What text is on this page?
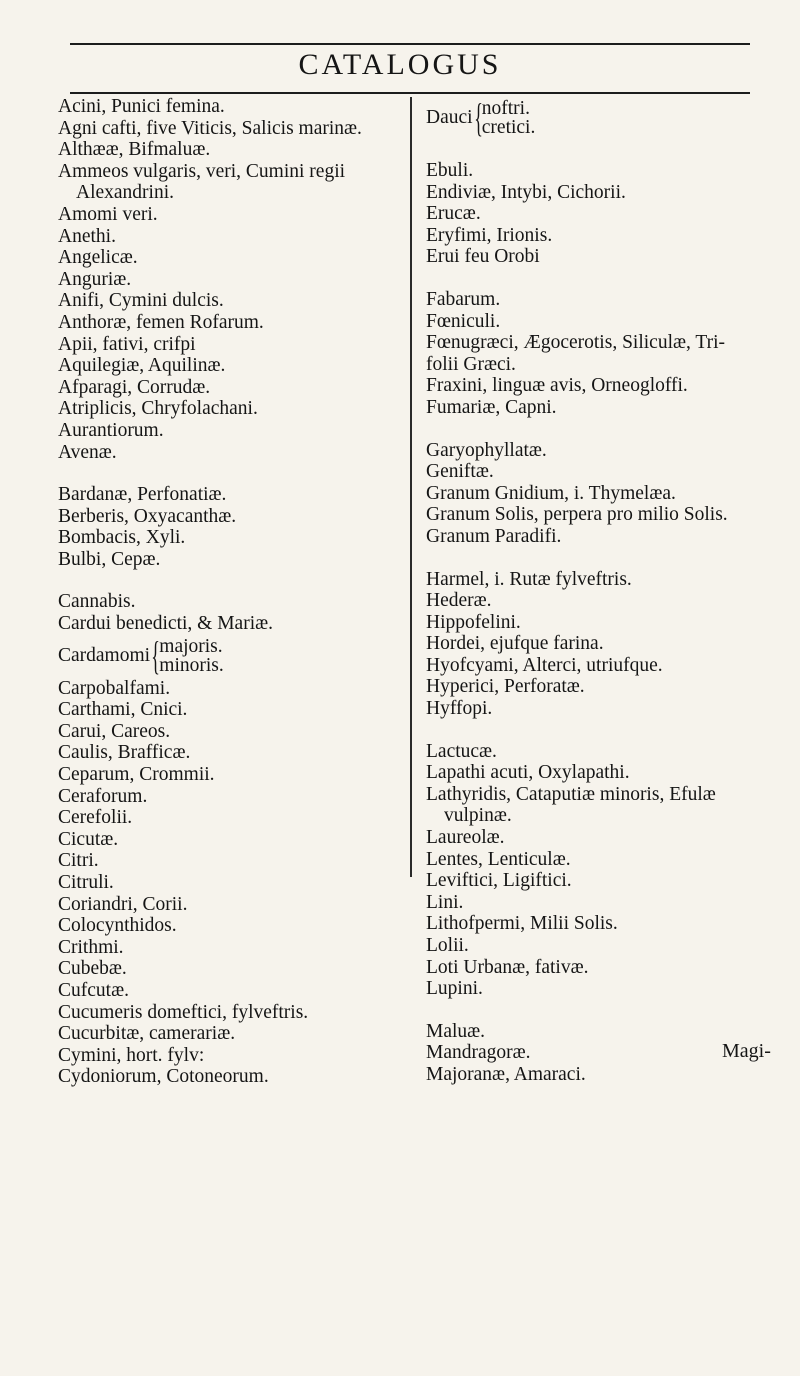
CATALOGUS
Acini, Punici femina.
Agni cafti, five Viticis, Salicis marinæ.
Althææ, Bifmaluæ.
Ammeos vulgaris, veri, Cumini regii
Alexandrini.
Amomi veri.
Anethi.
Angelicæ.
Anguriæ.
Anifi, Cymini dulcis.
Anthoræ, femen Rofarum.
Apii, fativi, crifpi
Aquilegiæ, Aquilinæ.
Afparagi, Corrudæ.
Atriplicis, Chryfolachani.
Aurantiorum.
Avenæ.
Bardanæ, Perfonatiæ.
Berberis, Oxyacanthæ.
Bombacis, Xyli.
Bulbi, Cepæ.
Cannabis.
Cardui benedicti, & Mariæ.
Cardamomi { majoris.
minoris.
Carpobalfami.
Carthami, Cnici.
Carui, Careos.
Caulis, Brafficæ.
Ceparum, Crommii.
Ceraforum.
Cerefolii.
Cicutæ.
Citri.
Citruli.
Coriandri, Corii.
Colocynthidos.
Crithmi.
Cubebæ.
Cufcutæ.
Cucumeris domeftici, fylveftris.
Cucurbitæ, camerariæ.
Cymini, hort. fylv:
Cydoniorum, Cotoneorum.
Dauci { noftri.
cretici.
Ebuli.
Endiviæ, Intybi, Cichorii.
Erucæ.
Eryfimi, Irionis.
Erui feu Orobi
Fabarum.
Fœniculi.
Fœnugræci, Ægocerotis, Siliculæ, Tri-
folii Græci.
Fraxini, linguæ avis, Orneogloffi.
Fumariæ, Capni.
Garyophyllatæ.
Geniftæ.
Granum Gnidium, i. Thymelæa.
Granum Solis, perpera pro milio Solis.
Granum Paradifi.
Harmel, i. Rutæ fylveftris.
Hederæ.
Hippofelini.
Hordei, ejufque farina.
Hyofcyami, Alterci, utriufque.
Hyperici, Perforatæ.
Hyffopi.
Lactucæ.
Lapathi acuti, Oxylapathi.
Lathyridis, Cataputiæ minoris, Efulæ
vulpinæ.
Laureolæ.
Lentes, Lenticulæ.
Leviftici, Ligiftici.
Lini.
Lithofpermi, Milii Solis.
Lolii.
Loti Urbanæ, fativæ.
Lupini.
Maluæ.
Mandragoræ.
Majoranæ, Amaraci.
Magi-
